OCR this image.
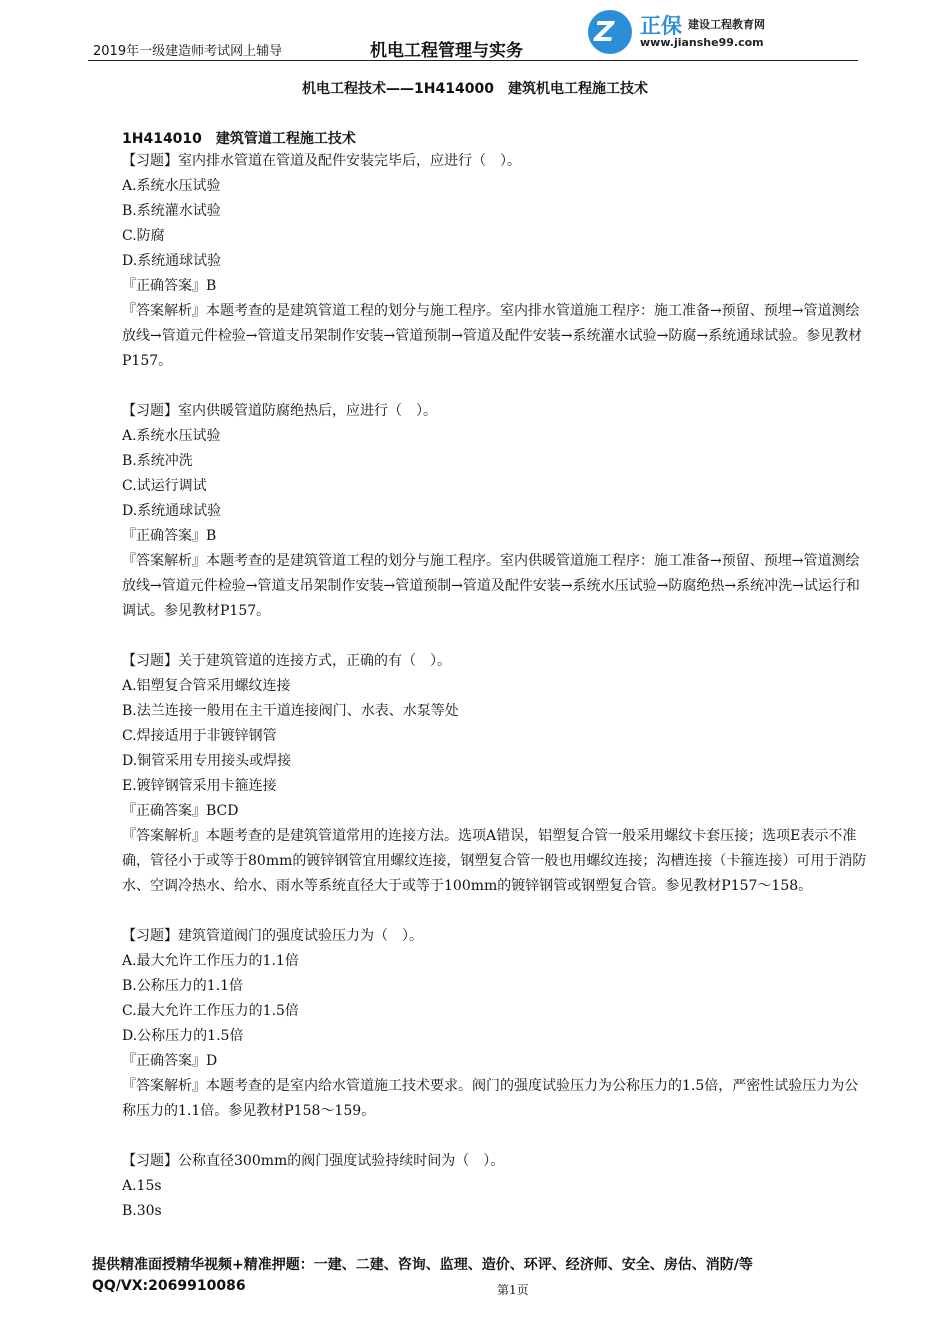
2019年一级建造师考试网上辅导	机电工程管理与实务
Z 正保 建设工程教育网
www.jianshe99.com
机电工程技术——1H414000　建筑机电工程施工技术
1H414010　建筑管道工程施工技术
【习题】室内排水管道在管道及配件安装完毕后，应进行（　）。
A.系统水压试验
B.系统灌水试验
C.防腐
D.系统通球试验
『正确答案』B
『答案解析』本题考查的是建筑管道工程的划分与施工程序。室内排水管道施工程序：施工准备→预留、预埋→管道测绘放线→管道元件检验→管道支吊架制作安装→管道预制→管道及配件安装→系统灌水试验→防腐→系统通球试验。参见教材P157。
【习题】室内供暖管道防腐绝热后，应进行（　）。
A.系统水压试验
B.系统冲洗
C.试运行调试
D.系统通球试验
『正确答案』B
『答案解析』本题考查的是建筑管道工程的划分与施工程序。室内供暖管道施工程序：施工准备→预留、预埋→管道测绘放线→管道元件检验→管道支吊架制作安装→管道预制→管道及配件安装→系统水压试验→防腐绝热→系统冲洗→试运行和调试。参见教材P157。
【习题】关于建筑管道的连接方式，正确的有（　）。
A.铝塑复合管采用螺纹连接
B.法兰连接一般用在主干道连接阀门、水表、水泵等处
C.焊接适用于非镀锌钢管
D.铜管采用专用接头或焊接
E.镀锌钢管采用卡箍连接
『正确答案』BCD
『答案解析』本题考查的是建筑管道常用的连接方法。选项A错误，铝塑复合管一般采用螺纹卡套压接；选项E表示不准确，管径小于或等于80mm的镀锌钢管宜用螺纹连接，钢塑复合管一般也用螺纹连接；沟槽连接（卡箍连接）可用于消防水、空调冷热水、给水、雨水等系统直径大于或等于100mm的镀锌钢管或钢塑复合管。参见教材P157～158。
【习题】建筑管道阀门的强度试验压力为（　）。
A.最大允许工作压力的1.1倍
B.公称压力的1.1倍
C.最大允许工作压力的1.5倍
D.公称压力的1.5倍
『正确答案』D
『答案解析』本题考查的是室内给水管道施工技术要求。阀门的强度试验压力为公称压力的1.5倍，严密性试验压力为公称压力的1.1倍。参见教材P158～159。
【习题】公称直径300mm的阀门强度试验持续时间为（　）。
A.15s
B.30s
提供精准面授精华视频+精准押题：一建、二建、咨询、监理、造价、环评、经济师、安全、房估、消防/等
QQ/VX:2069910086	第1页
